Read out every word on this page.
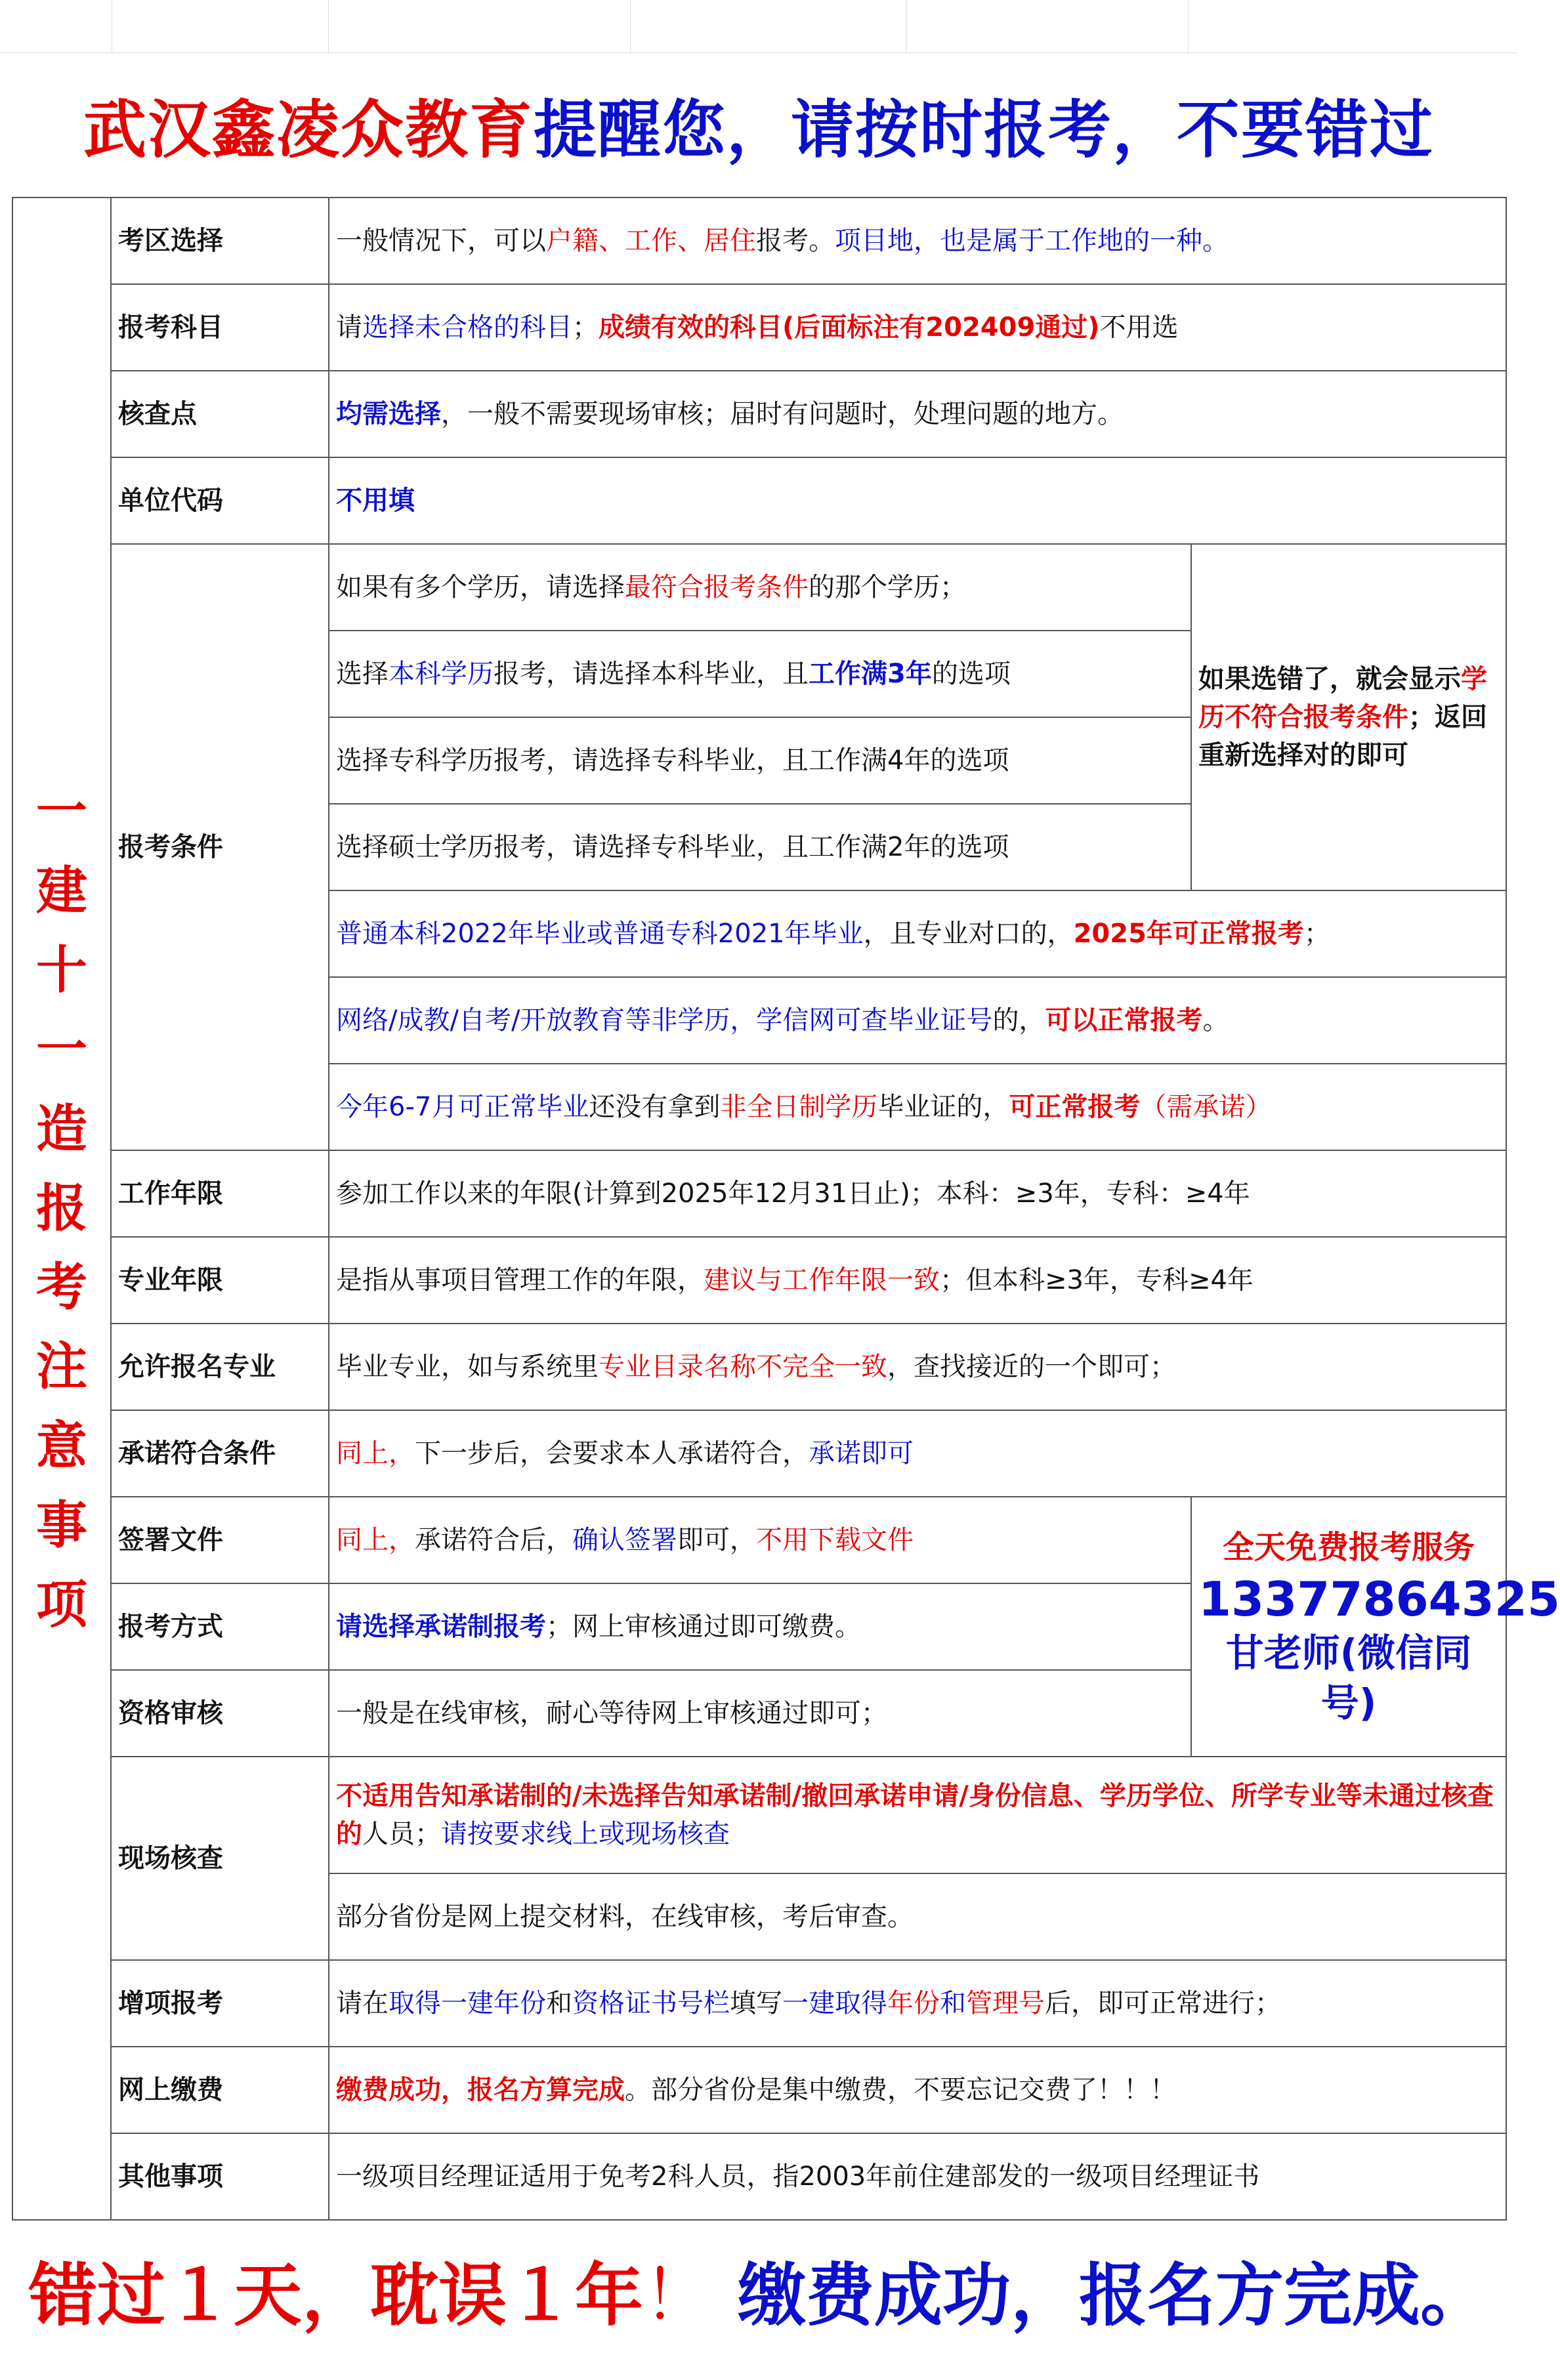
武汉鑫凌众教育 提醒您，请按时报考，不要错过
一建十一造报考注意事项	考区选择	一般情况下，可以户籍、工作、居住报考。项目地，也是属于工作地的一种。	
	报考科目	请选择未合格的科目；成绩有效的科目(后面标注有202409通过)不用选	
	核查点	均需选择，一般不需要现场审核；届时有问题时，处理问题的地方。	
	单位代码	不用填	
	报考条件	如果有多个学历，请选择最符合报考条件的那个学历；	如果选错了，就会显示学历不符合报考条件；返回重新选择对的即可
		选择本科学历报考，请选择本科毕业，且工作满3年的选项	
		选择专科学历报考，请选择专科毕业，且工作满4年的选项	
		选择硕士学历报考，请选择专科毕业，且工作满2年的选项	
		普通本科2022年毕业或普通专科2021年毕业，且专业对口的，2025年可正常报考；	
		网络/成教/自考/开放教育等非学历，学信网可查毕业证号的，可以正常报考。	
		今年6-7月可正常毕业还没有拿到非全日制学历毕业证的，可正常报考（需承诺）	
	工作年限	参加工作以来的年限(计算到2025年12月31日止)；本科：≥3年，专科：≥4年	
	专业年限	是指从事项目管理工作的年限，建议与工作年限一致；但本科≥3年，专科≥4年	
	允许报名专业	毕业专业，如与系统里专业目录名称不完全一致，查找接近的一个即可；	
	承诺符合条件	同上，下一步后，会要求本人承诺符合，承诺即可	
	签署文件	同上，承诺符合后，确认签署即可，不用下载文件	全天免费报考服务
13377864325
甘老师(微信同号)

	报考方式	请选择承诺制报考；网上审核通过即可缴费。	
	资格审核	一般是在线审核，耐心等待网上审核通过即可；	
	现场核查	不适用告知承诺制的/未选择告知承诺制/撤回承诺申请/身份信息、学历学位、所学专业等未通过核查的人员；请按要求线上或现场核查	
		部分省份是网上提交材料，在线审核，考后审查。	
	增项报考	请在取得一建年份和资格证书号栏填写一建取得年份和管理号后，即可正常进行；	
	网上缴费	缴费成功，报名方算完成。部分省份是集中缴费，不要忘记交费了！！！	
	其他事项	一级项目经理证适用于免考2科人员，指2003年前住建部发的一级项目经理证书	
错过１天，耽误１年 ！ 缴费成功，报名方完成。
